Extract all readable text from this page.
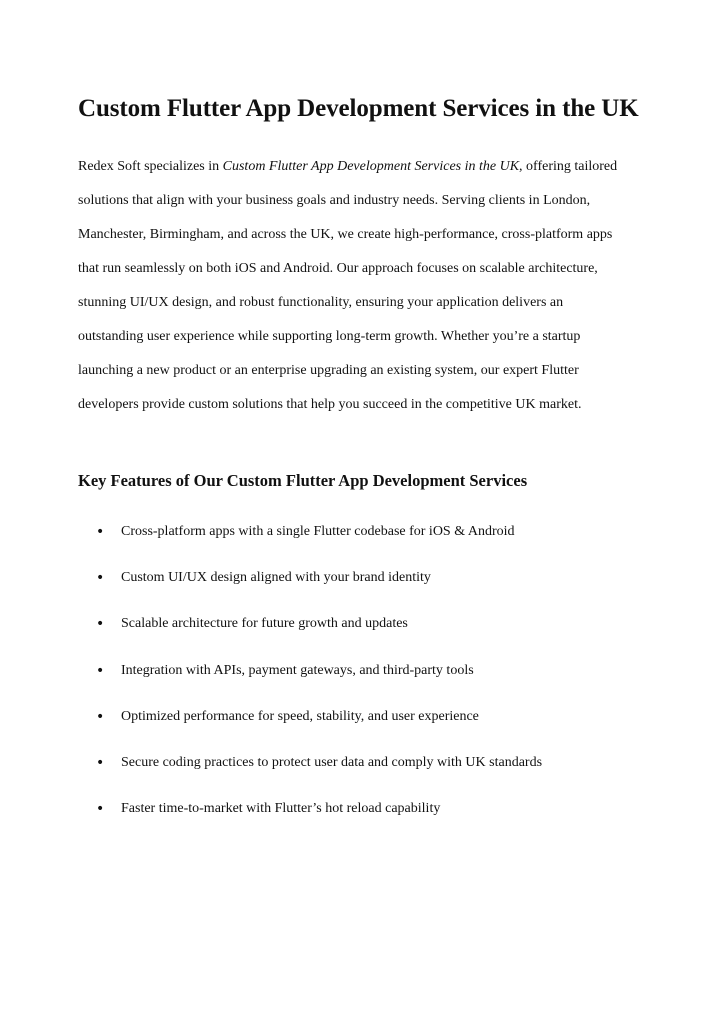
Custom Flutter App Development Services in the UK

Redex Soft specializes in Custom Flutter App Development Services in the UK, offering tailored
solutions that align with your business goals and industry needs. Serving clients in London,
Manchester, Birmingham, and across the UK, we create high-performance, cross-platform apps
that run seamlessly on both iOS and Android. Our approach focuses on scalable architecture,
stunning UI/UX design, and robust functionality, ensuring your application delivers an
outstanding user experience while supporting long-term growth. Whether you’re a startup
launching a new product or an enterprise upgrading an existing system, our expert Flutter
developers provide custom solutions that help you succeed in the competitive UK market.

Key Features of Our Custom Flutter App Development Services
• Cross-platform apps with a single Flutter codebase for iOS & Android
• Custom UI/UX design aligned with your brand identity
• Scalable architecture for future growth and updates
• Integration with APIs, payment gateways, and third-party tools
• Optimized performance for speed, stability, and user experience
• Secure coding practices to protect user data and comply with UK standards
• Faster time-to-market with Flutter’s hot reload capability
